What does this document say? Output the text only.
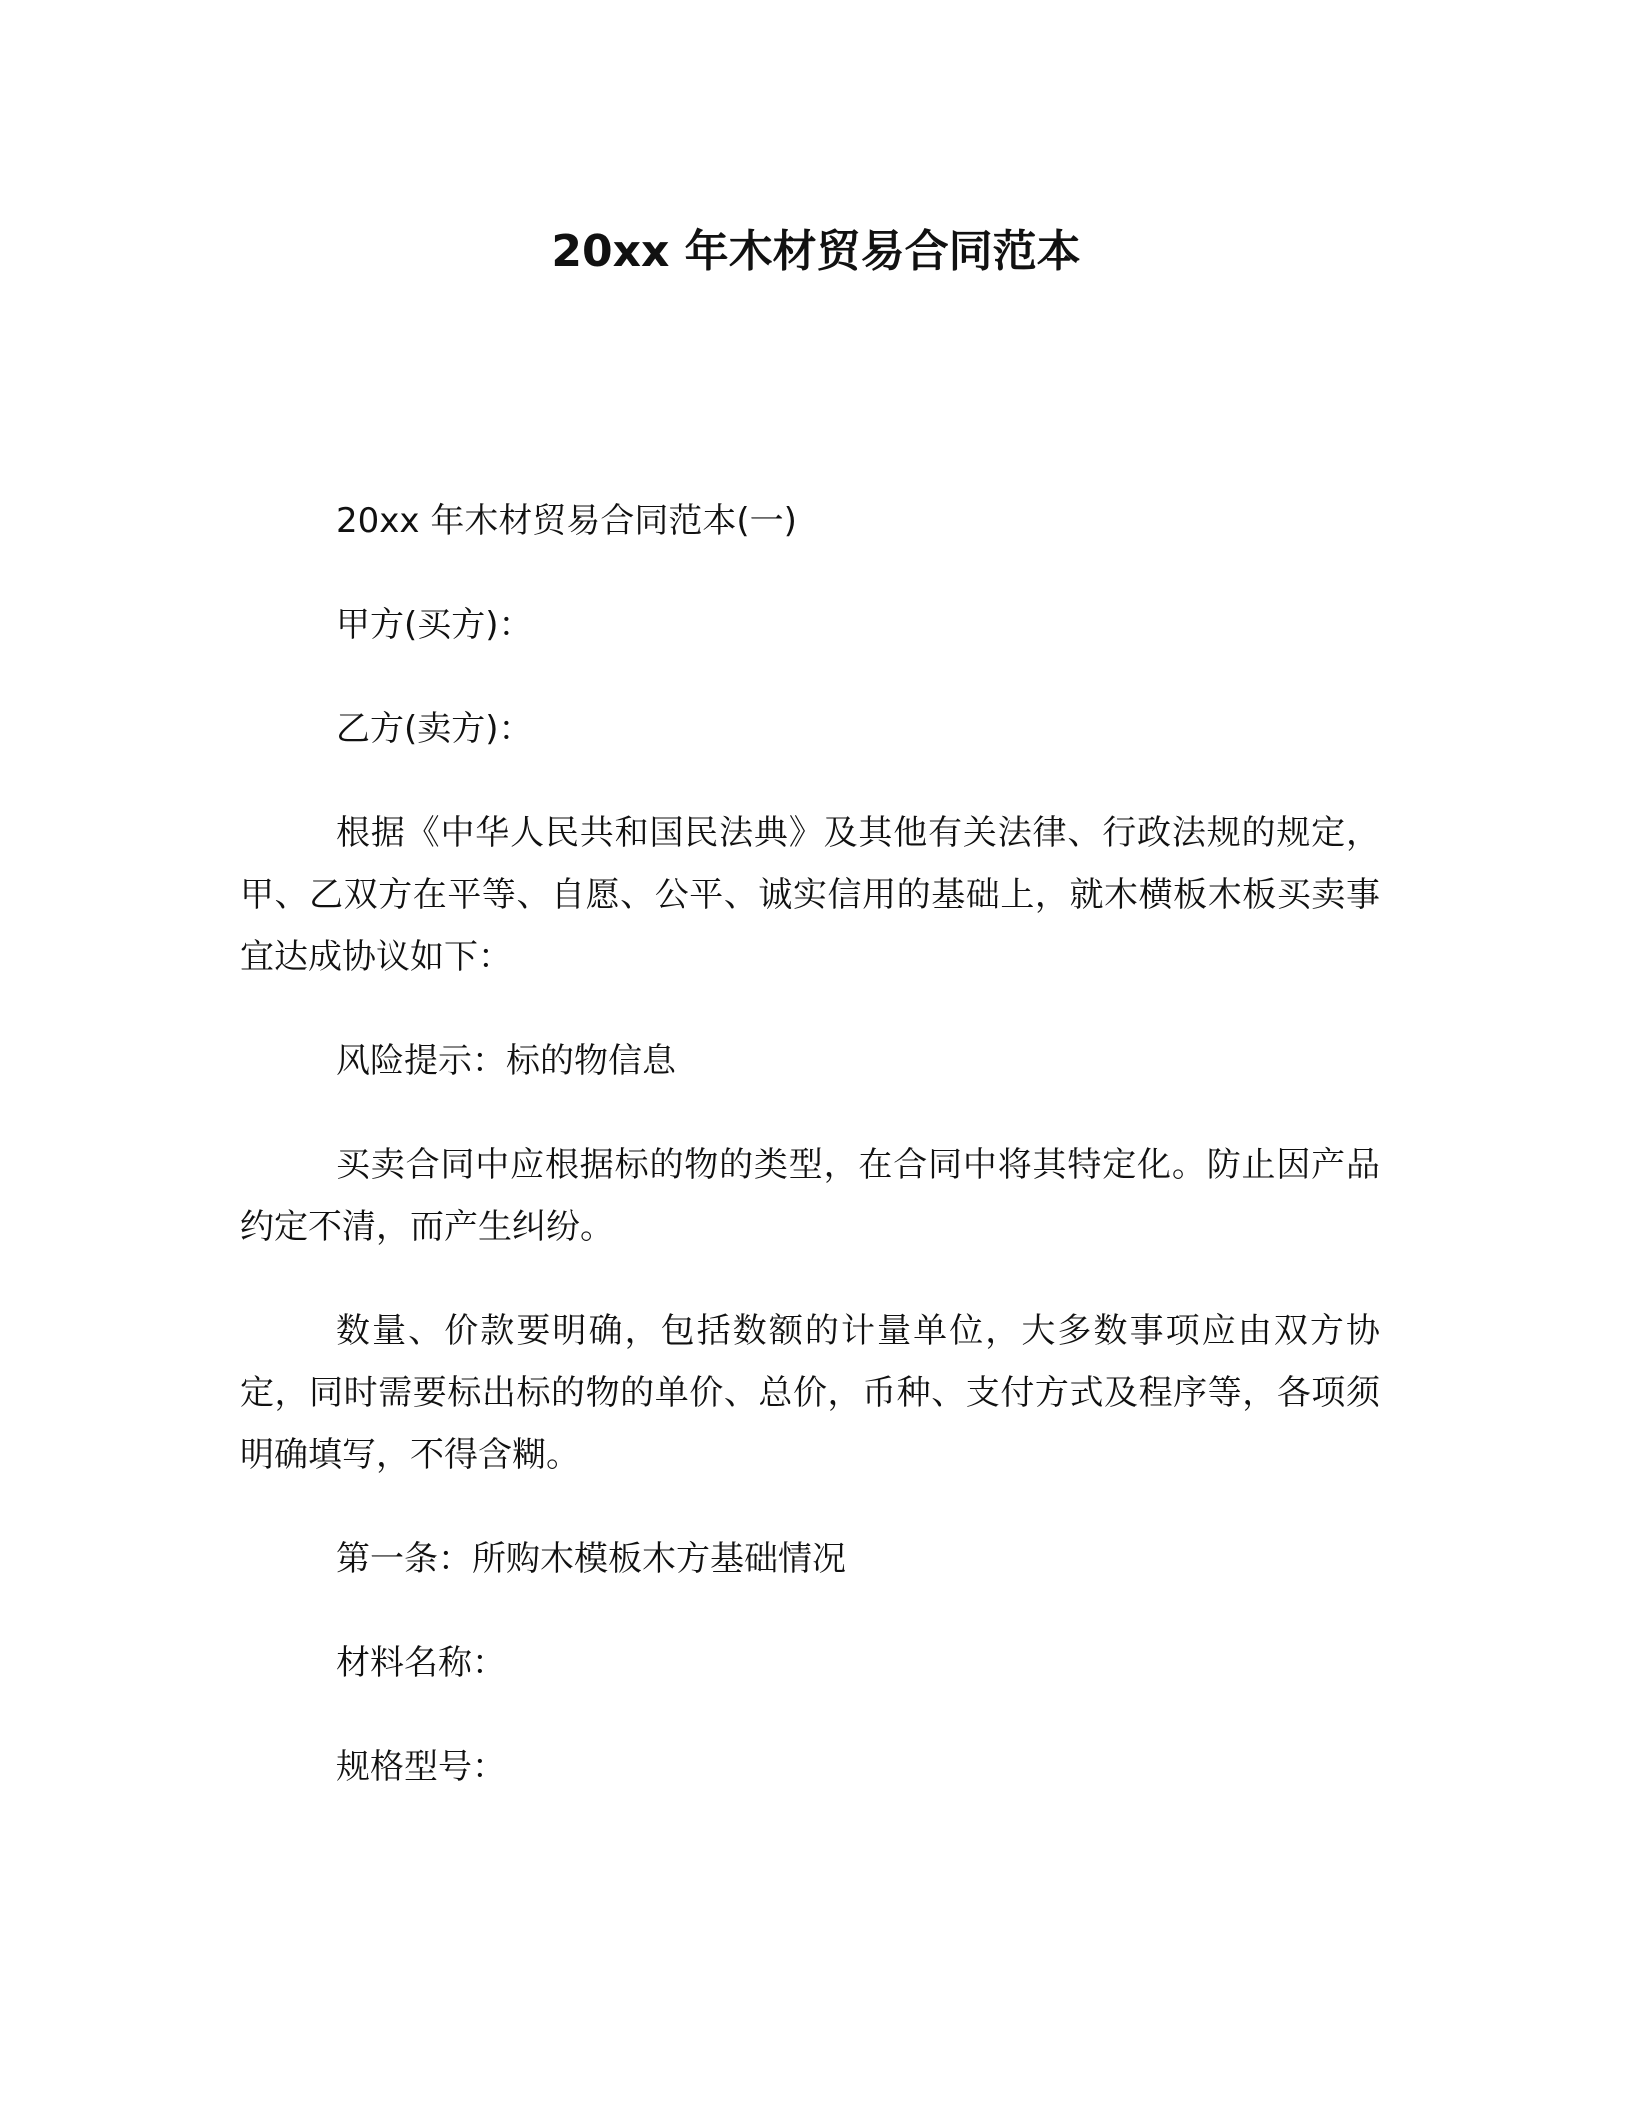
20xx 年木材贸易合同范本

20xx 年木材贸易合同范本(一)

甲方(买方)：

乙方(卖方)：

根据《中华人民共和国民法典》及其他有关法律、行政法规的规定，甲、乙双方在平等、自愿、公平、诚实信用的基础上，就木横板木板买卖事宜达成协议如下：

风险提示：标的物信息

买卖合同中应根据标的物的类型，在合同中将其特定化。防止因产品约定不清，而产生纠纷。

数量、价款要明确，包括数额的计量单位，大多数事项应由双方协定，同时需要标出标的物的单价、总价，币种、支付方式及程序等，各项须明确填写，不得含糊。

第一条：所购木模板木方基础情况

材料名称：

规格型号：
